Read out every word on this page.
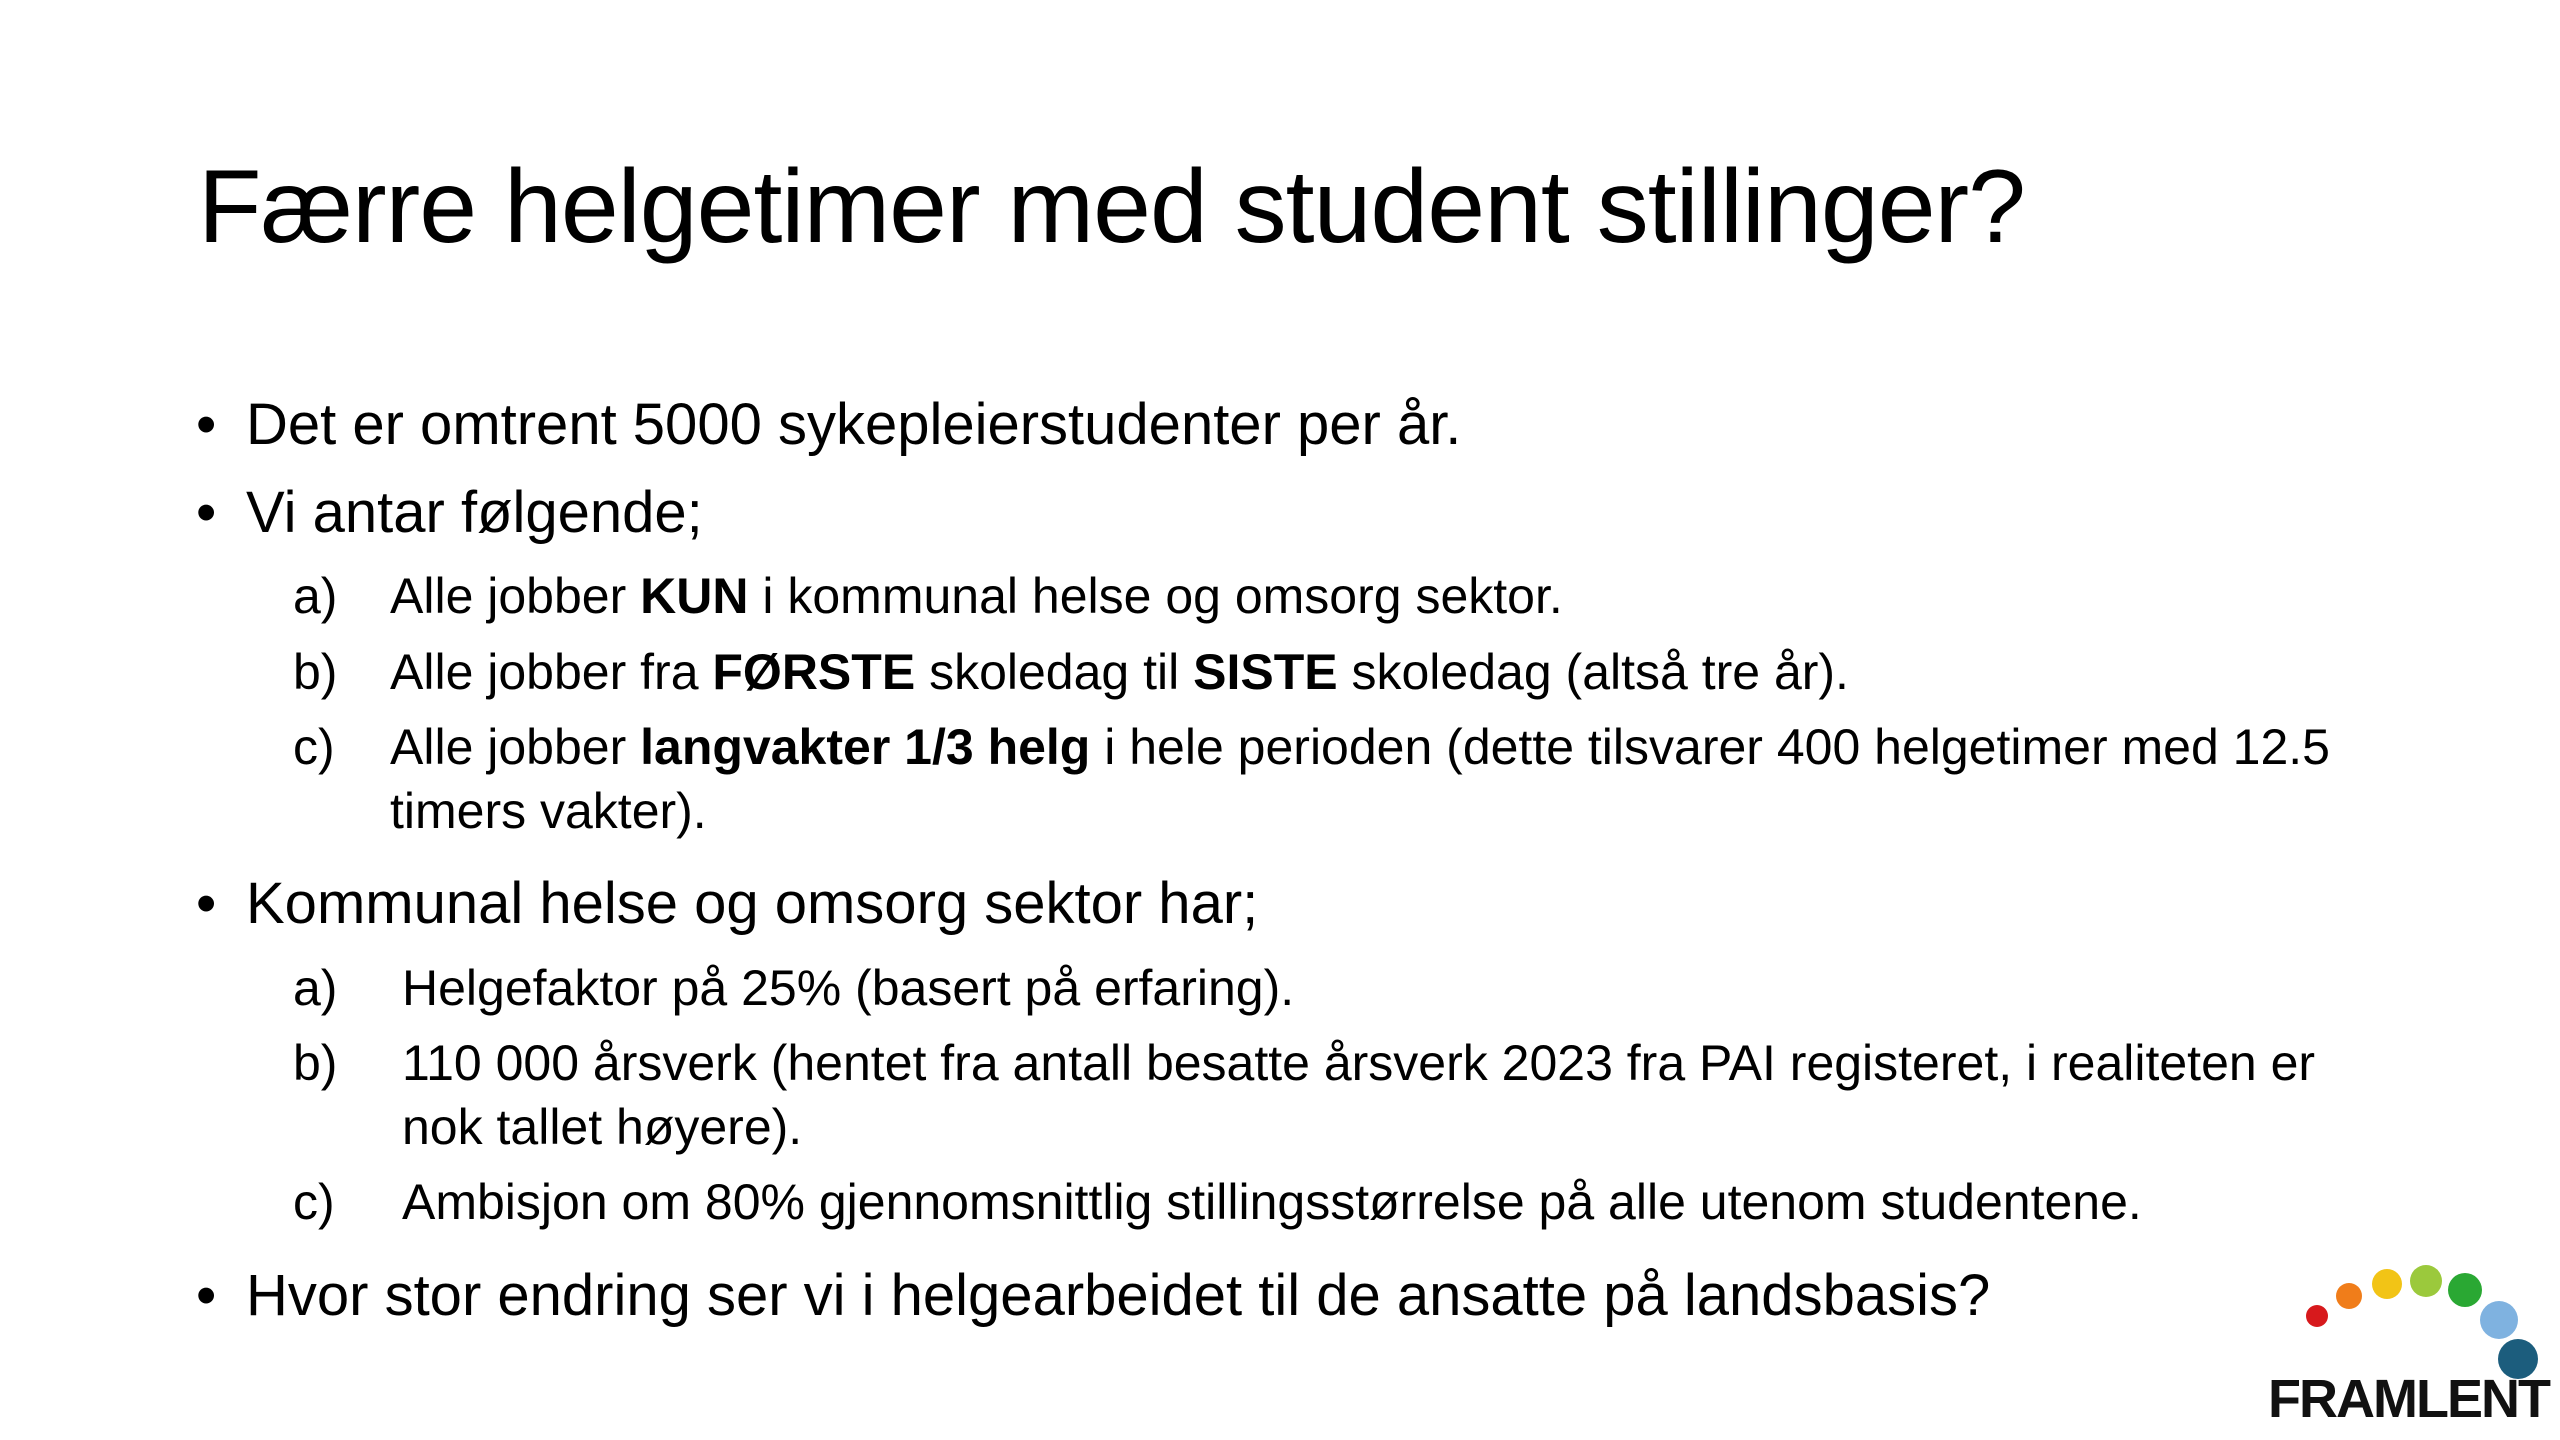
Færre helgetimer med student stillinger?
• Det er omtrent 5000 sykepleierstudenter per år.
• Vi antar følgende;
a) Alle jobber KUN i kommunal helse og omsorg sektor.
b) Alle jobber fra FØRSTE skoledag til SISTE skoledag (altså tre år).
c) Alle jobber langvakter 1/3 helg i hele perioden (dette tilsvarer 400 helgetimer med 12.5 timers vakter).
• Kommunal helse og omsorg sektor har;
a) Helgefaktor på 25% (basert på erfaring).
b) 110 000 årsverk (hentet fra antall besatte årsverk 2023 fra PAI registeret, i realiteten er nok tallet høyere).
c) Ambisjon om 80% gjennomsnittlig stillingsstørrelse på alle utenom studentene.
• Hvor stor endring ser vi i helgearbeidet til de ansatte på landsbasis?
FRAMLENT
